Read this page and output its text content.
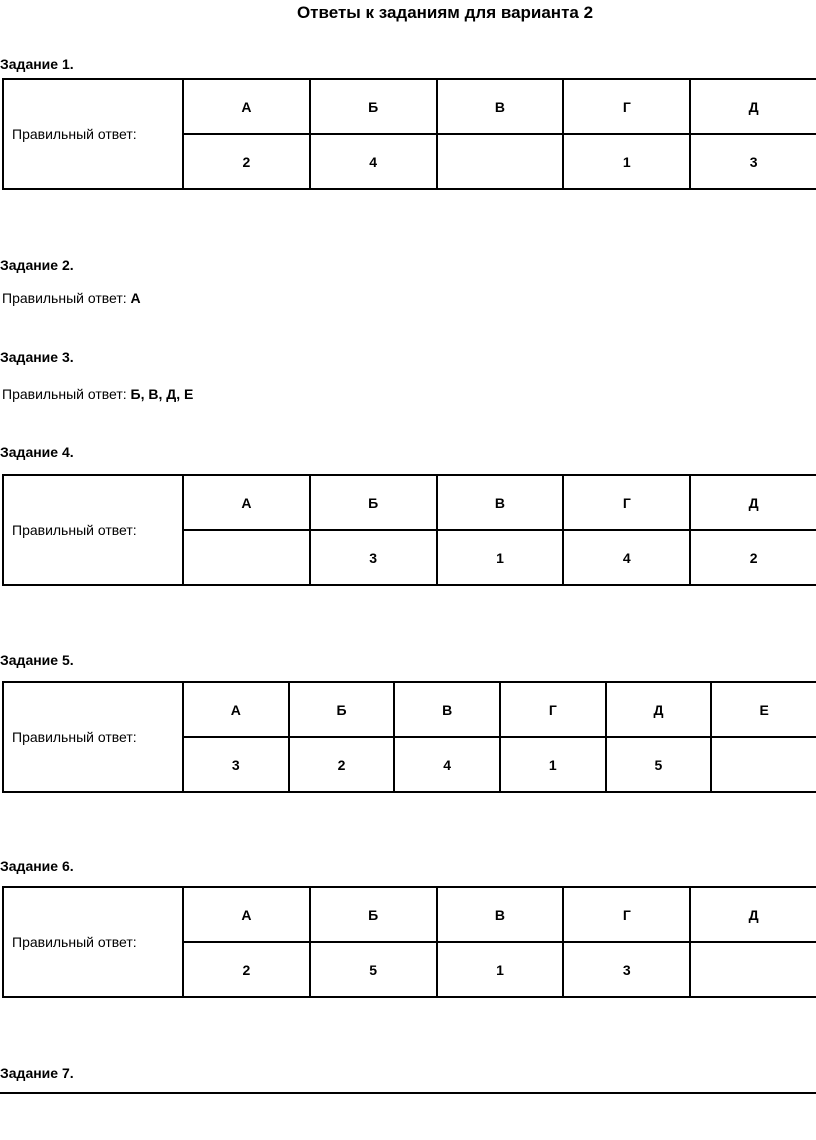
Ответы к заданиям для варианта 2
Задание 1.
Правильный ответ:	А	Б	В	Г	Д
	2	4		1	3
Задание 2.
Правильный ответ: А
Задание 3.
Правильный ответ: Б, В, Д, Е
Задание 4.
Правильный ответ:	А	Б	В	Г	Д
		3	1	4	2
Задание 5.
Правильный ответ:	А	Б	В	Г	Д	Е
	3	2	4	1	5	
Задание 6.
Правильный ответ:	А	Б	В	Г	Д
	2	5	1	3	
Задание 7.
